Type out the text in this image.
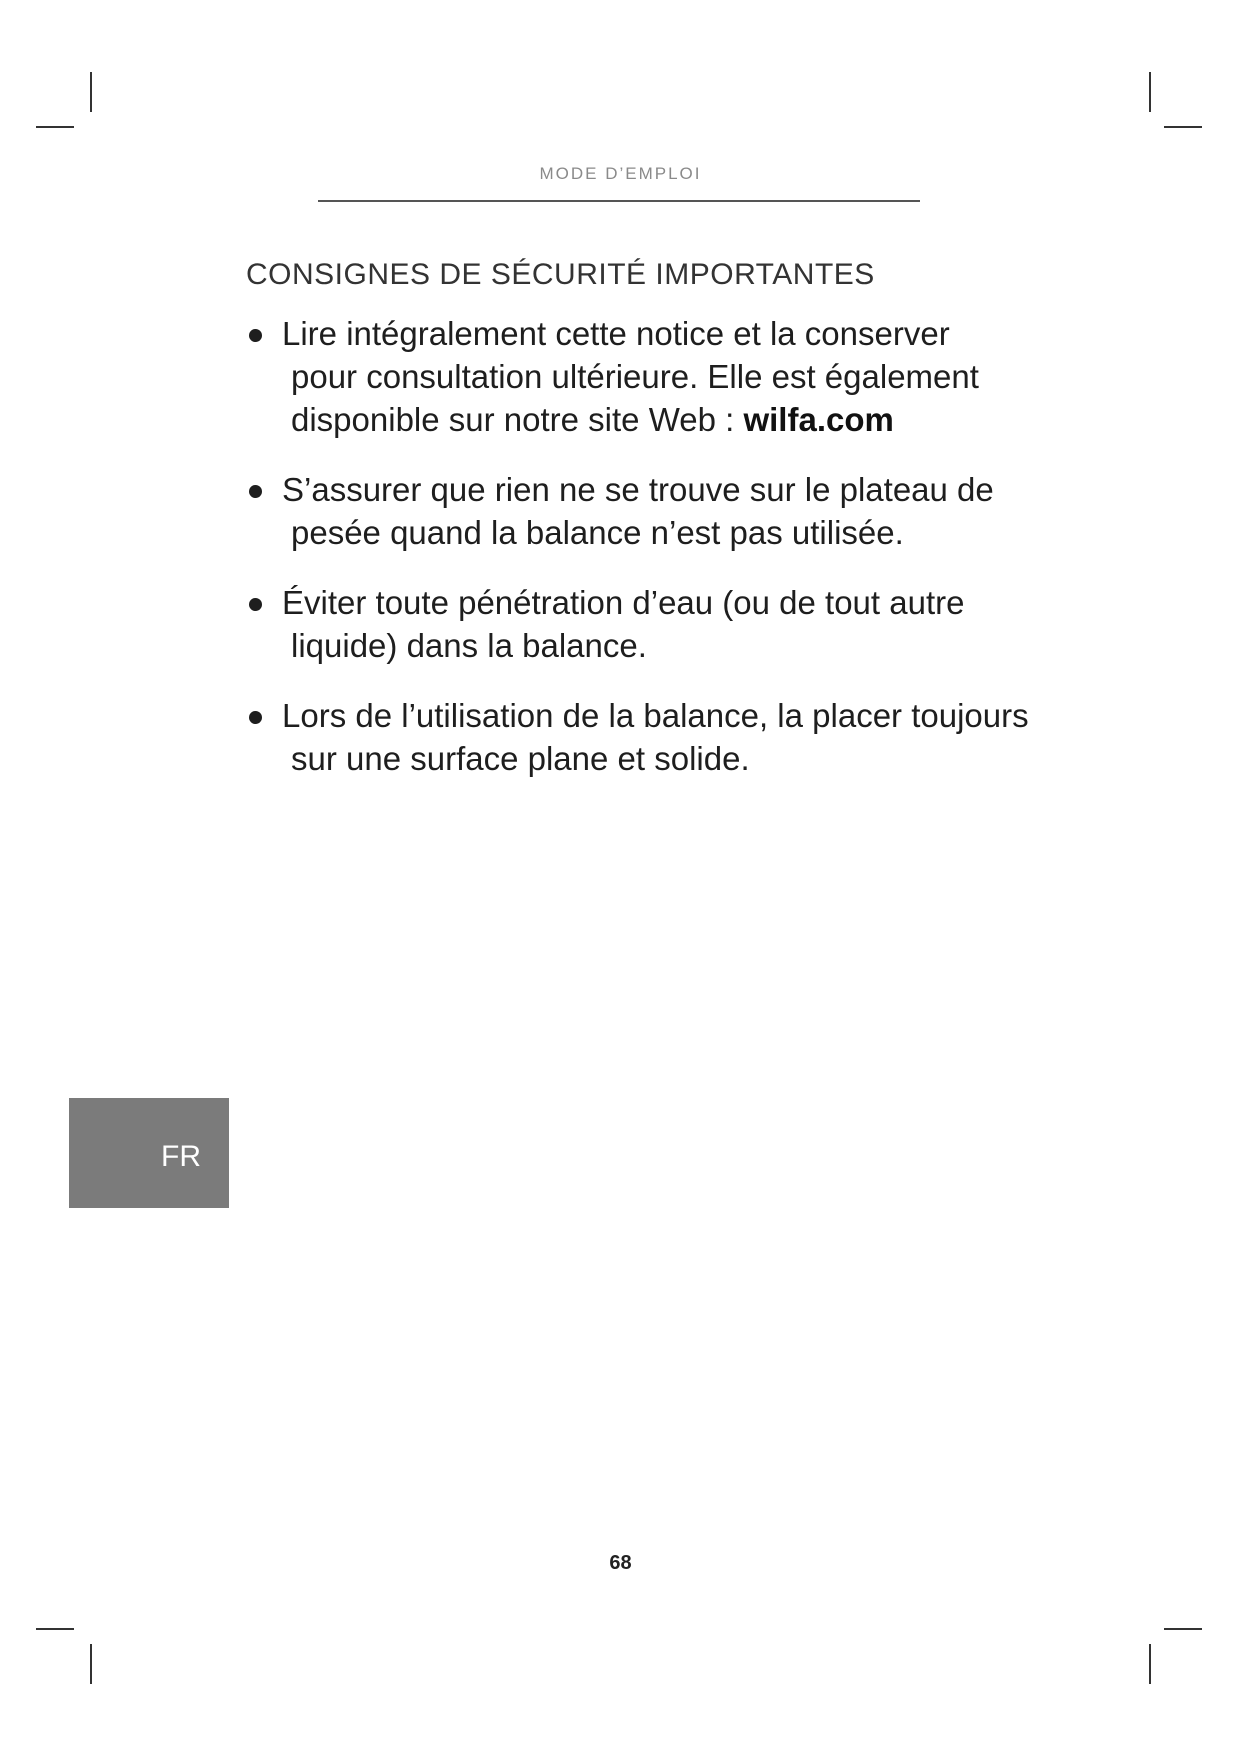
MODE D’EMPLOI
CONSIGNES DE SÉCURITÉ IMPORTANTES
Lire intégralement cette notice et la conserver
pour consultation ultérieure. Elle est également
disponible sur notre site Web : wilfa.com
S’assurer que rien ne se trouve sur le plateau de
pesée quand la balance n’est pas utilisée.
Éviter toute pénétration d’eau (ou de tout autre
liquide) dans la balance.
Lors de l’utilisation de la balance, la placer toujours
sur une surface plane et solide.
FR
68
